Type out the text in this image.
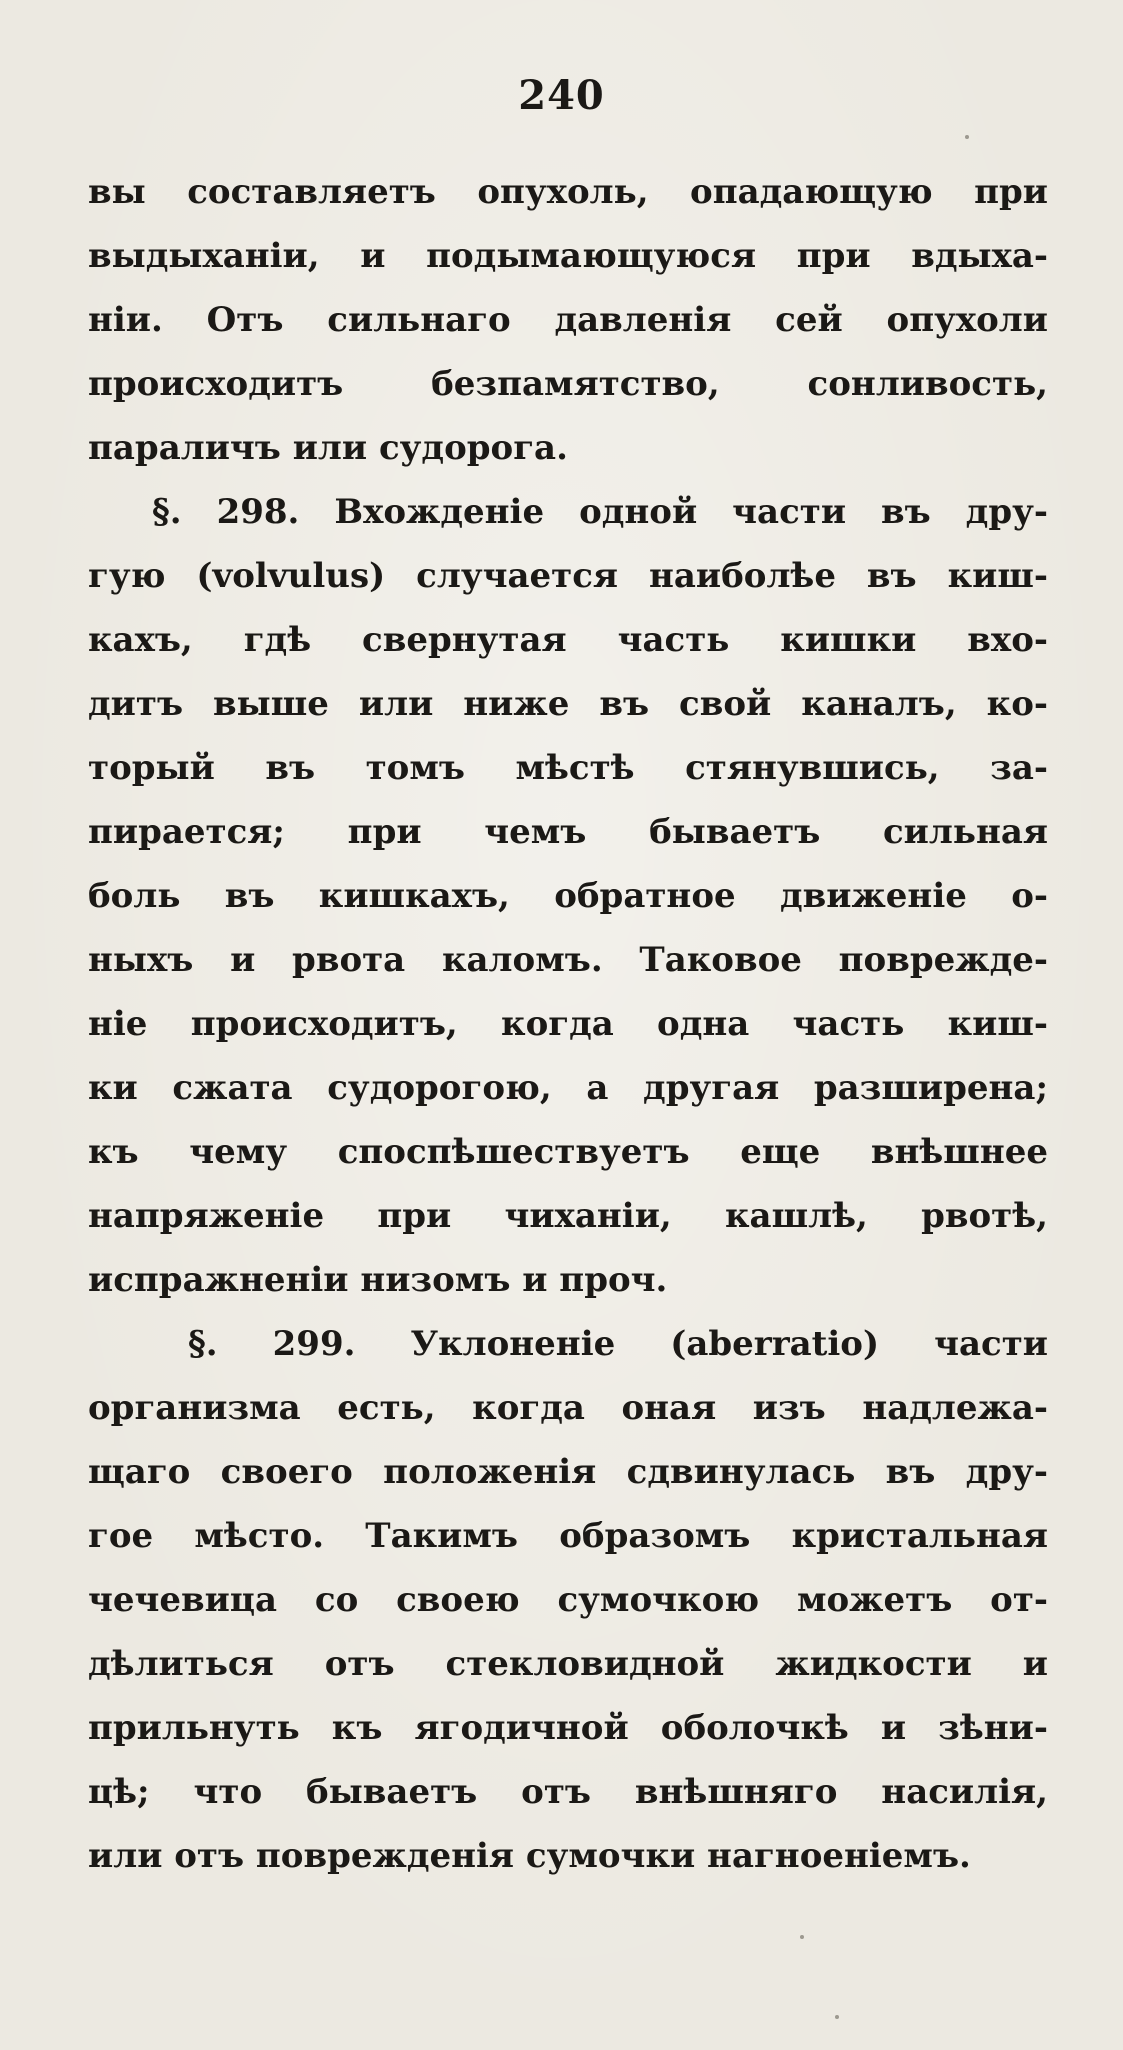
240
вы составляетъ опухоль, опадающую при
выдыханіи, и подымающуюся при вдыха-
ніи. Отъ сильнаго давленія сей опухоли
происходитъ безпамятство, сонливость,
параличъ или судорога.
§. 298. Вхожденіе одной части въ дру-
гую (volvulus) случается наиболѣе въ киш-
кахъ, гдѣ свернутая часть кишки вхо-
дитъ выше или ниже въ свой каналъ, ко-
торый въ томъ мѣстѣ стянувшись, за-
пирается; при чемъ бываетъ сильная
боль въ кишкахъ, обратное движеніе о-
ныхъ и рвота каломъ. Таковое поврежде-
ніе происходитъ, когда одна часть киш-
ки сжата судорогою, а другая разширена;
къ чему споспѣшествуетъ еще внѣшнее
напряженіе при чиханіи, кашлѣ, рвотѣ,
испражненіи низомъ и проч.
§. 299. Уклоненіе (aberratio) части
организма есть, когда оная изъ надлежа-
щаго своего положенія сдвинулась въ дру-
гое мѣсто. Такимъ образомъ кристальная
чечевица со своею сумочкою можетъ от-
дѣлиться отъ стекловидной жидкости и
прильнуть къ ягодичной оболочкѣ и зѣни-
цѣ; что бываетъ отъ внѣшняго насилія,
или отъ поврежденія сумочки нагноеніемъ.
